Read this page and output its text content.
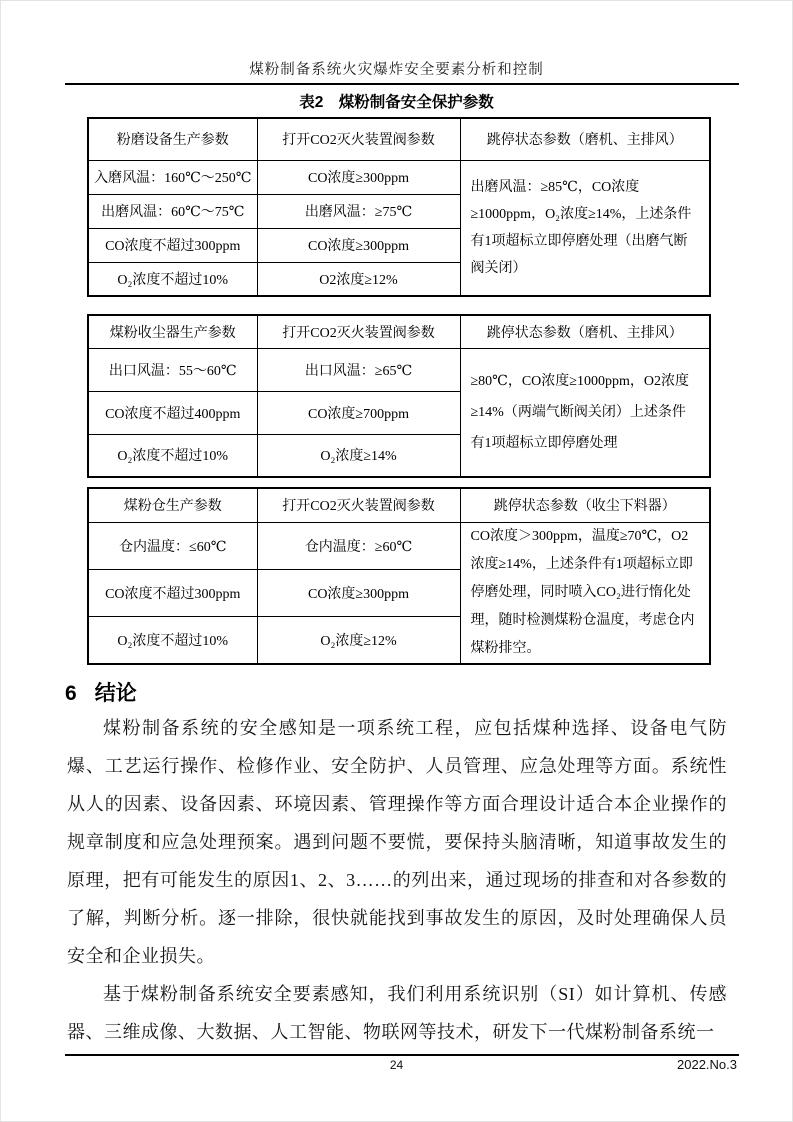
煤粉制备系统火灾爆炸安全要素分析和控制
表2　煤粉制备安全保护参数
粉磨设备生产参数	打开CO2灭火装置阀参数	跳停状态参数（磨机、主排风）
入磨风温：160℃～250℃	CO浓度≥300ppm	出磨风温：≥85℃，CO浓度≥1000ppm，O₂浓度≥14%，上述条件有1项超标立即停磨处理（出磨气断阀关闭）
出磨风温：60℃～75℃	出磨风温：≥75℃	
CO浓度不超过300ppm	CO浓度≥300ppm	
O₂浓度不超过10%	O2浓度≥12%	
煤粉收尘器生产参数	打开CO2灭火装置阀参数	跳停状态参数（磨机、主排风）
出口风温：55～60℃	出口风温：≥65℃	≥80℃，CO浓度≥1000ppm，O2浓度≥14%（两端气断阀关闭）上述条件有1项超标立即停磨处理
CO浓度不超过400ppm	CO浓度≥700ppm	
O₂浓度不超过10%	O₂浓度≥14%	
煤粉仓生产参数	打开CO2灭火装置阀参数	跳停状态参数（收尘下料器）
仓内温度：≤60℃	仓内温度：≥60℃	CO浓度＞300ppm，温度≥70℃，O2浓度≥14%，上述条件有1项超标立即停磨处理，同时喷入CO₂进行惰化处理，随时检测煤粉仓温度，考虑仓内煤粉排空。
CO浓度不超过300ppm	CO浓度≥300ppm	
O₂浓度不超过10%	O₂浓度≥12%	
6 结论

煤粉制备系统的安全感知是一项系统工程，应包括煤种选择、设备电气防爆、工艺运行操作、检修作业、安全防护、人员管理、应急处理等方面。系统性从人的因素、设备因素、环境因素、管理操作等方面合理设计适合本企业操作的规章制度和应急处理预案。遇到问题不要慌，要保持头脑清晰，知道事故发生的原理，把有可能发生的原因1、2、3……的列出来，通过现场的排查和对各参数的了解，判断分析。逐一排除，很快就能找到事故发生的原因，及时处理确保人员安全和企业损失。

基于煤粉制备系统安全要素感知，我们利用系统识别（SI）如计算机、传感器、三维成像、大数据、人工智能、物联网等技术，研发下一代煤粉制备系统一

24	2022.No.3
